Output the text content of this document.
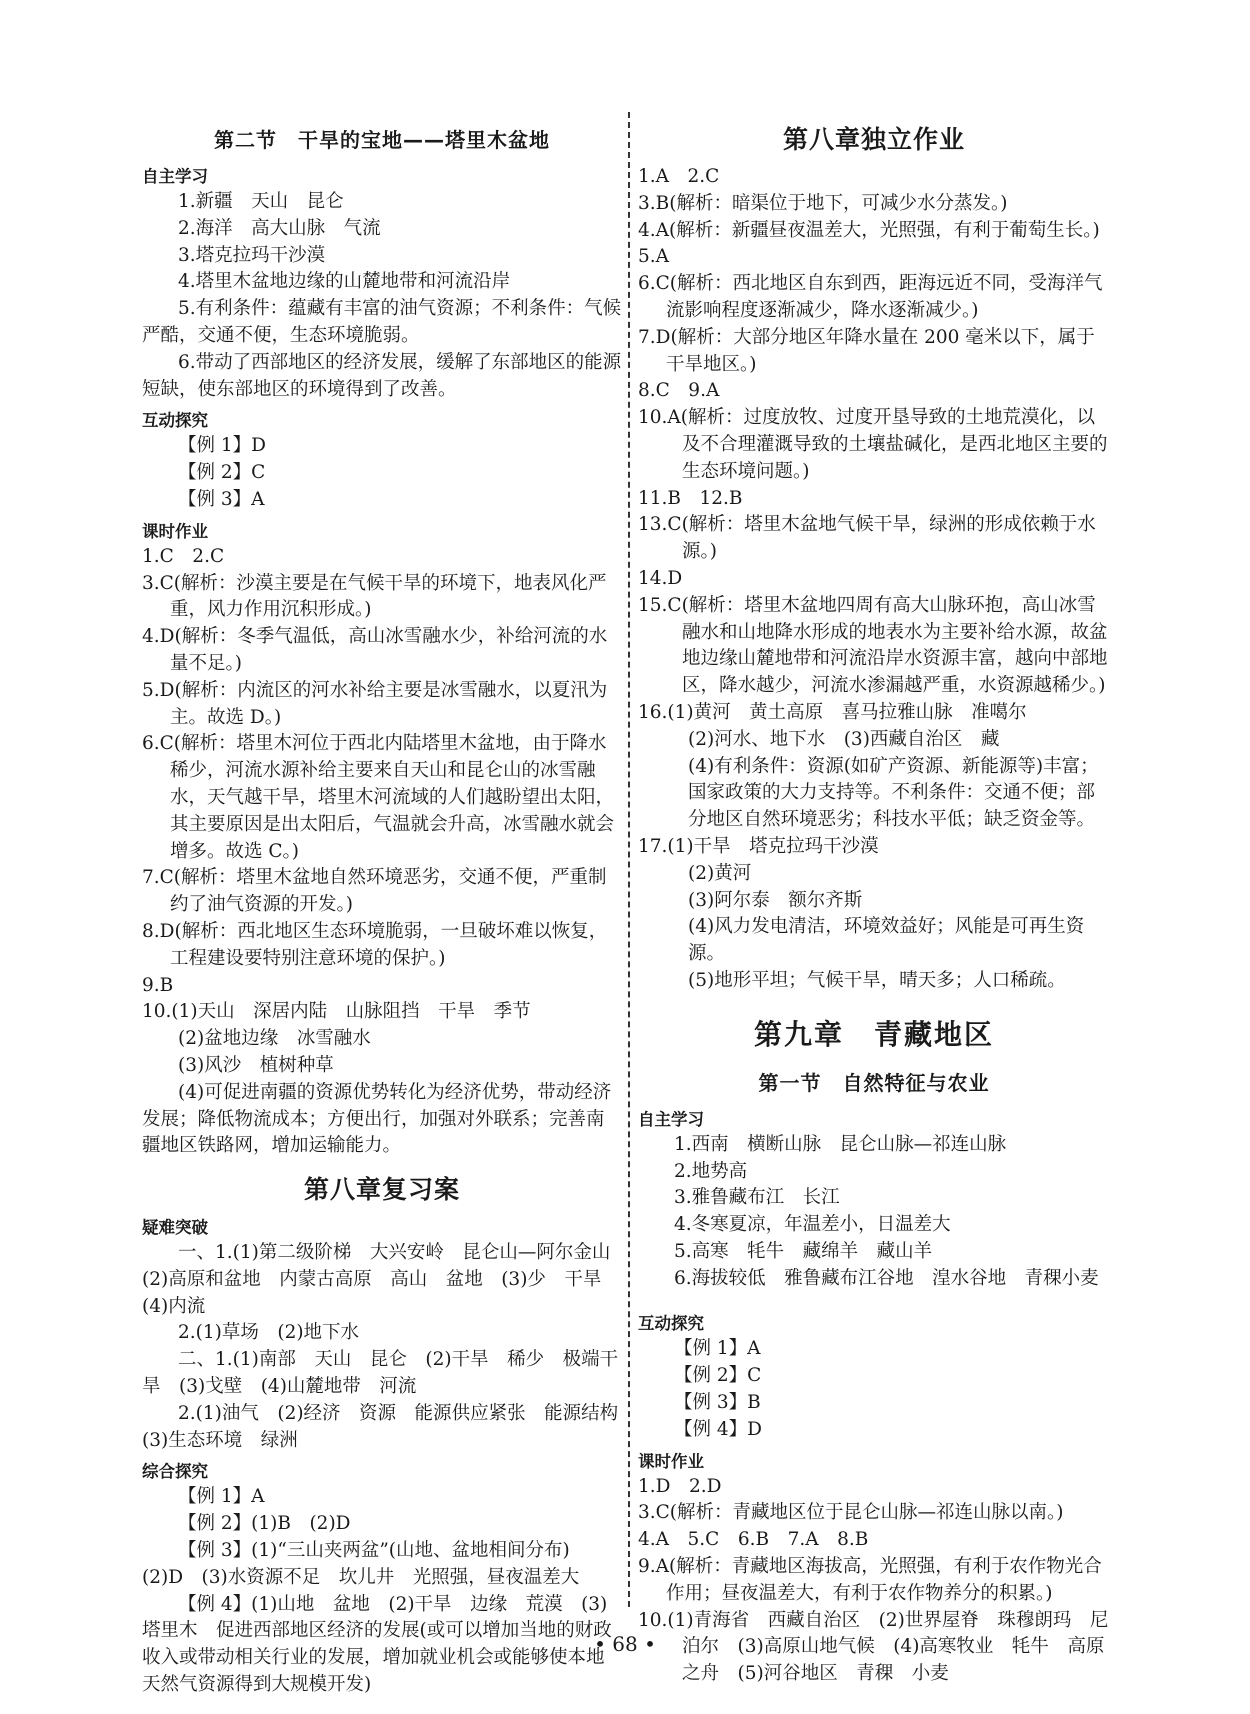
第二节　干旱的宝地——塔里木盆地
自主学习
1.新疆　天山　昆仑
2.海洋　高大山脉　气流
3.塔克拉玛干沙漠
4.塔里木盆地边缘的山麓地带和河流沿岸
5.有利条件：蕴藏有丰富的油气资源；不利条件：气候严酷，交通不便，生态环境脆弱。
6.带动了西部地区的经济发展，缓解了东部地区的能源短缺，使东部地区的环境得到了改善。
互动探究
【例 1】D
【例 2】C
【例 3】A
课时作业
1.C　2.C
3.C(解析：沙漠主要是在气候干旱的环境下，地表风化严重，风力作用沉积形成。)
4.D(解析：冬季气温低，高山冰雪融水少，补给河流的水量不足。)
5.D(解析：内流区的河水补给主要是冰雪融水，以夏汛为主。故选 D。)
6.C(解析：塔里木河位于西北内陆塔里木盆地，由于降水稀少，河流水源补给主要来自天山和昆仑山的冰雪融水，天气越干旱，塔里木河流域的人们越盼望出太阳，其主要原因是出太阳后，气温就会升高，冰雪融水就会增多。故选 C。)
7.C(解析：塔里木盆地自然环境恶劣，交通不便，严重制约了油气资源的开发。)
8.D(解析：西北地区生态环境脆弱，一旦破坏难以恢复，工程建设要特别注意环境的保护。)
9.B
10.(1)天山　深居内陆　山脉阻挡　干旱　季节
(2)盆地边缘　冰雪融水
(3)风沙　植树种草
(4)可促进南疆的资源优势转化为经济优势，带动经济发展；降低物流成本；方便出行，加强对外联系；完善南疆地区铁路网，增加运输能力。
第八章复习案
疑难突破
一、1.(1)第二级阶梯　大兴安岭　昆仑山—阿尔金山　(2)高原和盆地　内蒙古高原　高山　盆地　(3)少　干旱　(4)内流
2.(1)草场　(2)地下水
二、1.(1)南部　天山　昆仑　(2)干旱　稀少　极端干旱　(3)戈壁　(4)山麓地带　河流
2.(1)油气　(2)经济　资源　能源供应紧张　能源结构　(3)生态环境　绿洲
综合探究
【例 1】A
【例 2】(1)B　(2)D
【例 3】(1)“三山夹两盆”(山地、盆地相间分布)　(2)D　(3)水资源不足　坎儿井　光照强，昼夜温差大
【例 4】(1)山地　盆地　(2)干旱　边缘　荒漠　(3)塔里木　促进西部地区经济的发展(或可以增加当地的财政收入或带动相关行业的发展，增加就业机会或能够使本地天然气资源得到大规模开发)
第八章独立作业
1.A　2.C
3.B(解析：暗渠位于地下，可减少水分蒸发。)
4.A(解析：新疆昼夜温差大，光照强，有利于葡萄生长。)
5.A
6.C(解析：西北地区自东到西，距海远近不同，受海洋气流影响程度逐渐减少，降水逐渐减少。)
7.D(解析：大部分地区年降水量在 200 毫米以下，属于干旱地区。)
8.C　9.A
10.A(解析：过度放牧、过度开垦导致的土地荒漠化，以及不合理灌溉导致的土壤盐碱化，是西北地区主要的生态环境问题。)
11.B　12.B
13.C(解析：塔里木盆地气候干旱，绿洲的形成依赖于水源。)
14.D
15.C(解析：塔里木盆地四周有高大山脉环抱，高山冰雪融水和山地降水形成的地表水为主要补给水源，故盆地边缘山麓地带和河流沿岸水资源丰富，越向中部地区，降水越少，河流水渗漏越严重，水资源越稀少。)
16.(1)黄河　黄土高原　喜马拉雅山脉　准噶尔
(2)河水、地下水　(3)西藏自治区　藏
(4)有利条件：资源(如矿产资源、新能源等)丰富；国家政策的大力支持等。不利条件：交通不便；部分地区自然环境恶劣；科技水平低；缺乏资金等。
17.(1)干旱　塔克拉玛干沙漠
(2)黄河
(3)阿尔泰　额尔齐斯
(4)风力发电清洁，环境效益好；风能是可再生资源。
(5)地形平坦；气候干旱，晴天多；人口稀疏。
第九章　青藏地区
第一节　自然特征与农业
自主学习
1.西南　横断山脉　昆仑山脉—祁连山脉
2.地势高
3.雅鲁藏布江　长江
4.冬寒夏凉，年温差小，日温差大
5.高寒　牦牛　藏绵羊　藏山羊
6.海拔较低　雅鲁藏布江谷地　湟水谷地　青稞小麦
互动探究
【例 1】A
【例 2】C
【例 3】B
【例 4】D
课时作业
1.D　2.D
3.C(解析：青藏地区位于昆仑山脉—祁连山脉以南。)
4.A　5.C　6.B　7.A　8.B
9.A(解析：青藏地区海拔高，光照强，有利于农作物光合作用；昼夜温差大，有利于农作物养分的积累。)
10.(1)青海省　西藏自治区　(2)世界屋脊　珠穆朗玛　尼泊尔　(3)高原山地气候　(4)高寒牧业　牦牛　高原之舟　(5)河谷地区　青稞　小麦
• 68 •
